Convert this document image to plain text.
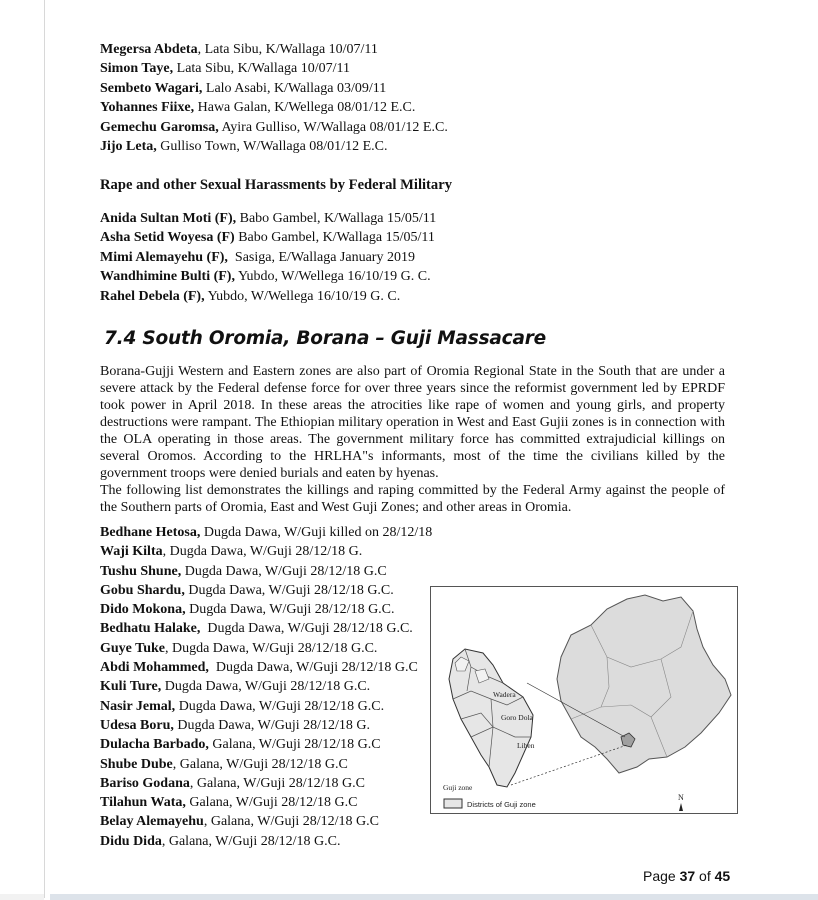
Megersa Abdeta, Lata Sibu, K/Wallaga 10/07/11
Simon Taye, Lata Sibu, K/Wallaga 10/07/11
Sembeto Wagari, Lalo Asabi, K/Wallaga 03/09/11
Yohannes Fiixe, Hawa Galan, K/Wellega 08/01/12 E.C.
Gemechu Garomsa, Ayira Gulliso, W/Wallaga 08/01/12 E.C.
Jijo Leta, Gulliso Town, W/Wallaga 08/01/12 E.C.
Rape and other Sexual Harassments by Federal Military
Anida Sultan Moti (F), Babo Gambel, K/Wallaga 15/05/11
Asha Setid Woyesa (F) Babo Gambel, K/Wallaga 15/05/11
Mimi Alemayehu (F),  Sasiga, E/Wallaga January 2019
Wandhimine Bulti (F), Yubdo, W/Wellega 16/10/19 G. C.
Rahel Debela (F), Yubdo, W/Wellega 16/10/19 G. C.
7.4 South Oromia, Borana – Guji Massacare

Borana-Gujji Western and Eastern zones are also part of Oromia Regional State in the South that are under a severe attack by the Federal defense force for over three years since the reformist government led by EPRDF took power in April 2018. In these areas the atrocities like rape of women and young girls, and property destructions were rampant. The Ethiopian military operation in West and East Gujii zones is in connection with the OLA operating in those areas. The government military force has committed extrajudicial killings on several Oromos. According to the HRLHA"s informants, most of the time the civilians killed by the government troops were denied burials and eaten by hyenas.

The following list demonstrates the killings and raping committed by the Federal Army against the people of the Southern parts of Oromia, East and West Guji Zones; and other areas in Oromia.

Bedhane Hetosa, Dugda Dawa, W/Guji killed on 28/12/18
Waji Kilta, Dugda Dawa, W/Guji 28/12/18 G.
Tushu Shune, Dugda Dawa, W/Guji 28/12/18 G.C
Gobu Shardu, Dugda Dawa, W/Guji 28/12/18 G.C.
Dido Mokona, Dugda Dawa, W/Guji 28/12/18 G.C.
Bedhatu Halake,  Dugda Dawa, W/Guji 28/12/18 G.C.
Guye Tuke, Dugda Dawa, W/Guji 28/12/18 G.C.
Abdi Mohammed,  Dugda Dawa, W/Guji 28/12/18 G.C
Kuli Ture, Dugda Dawa, W/Guji 28/12/18 G.C.
Nasir Jemal, Dugda Dawa, W/Guji 28/12/18 G.C.
Udesa Boru, Dugda Dawa, W/Guji 28/12/18 G.
Dulacha Barbado, Galana, W/Guji 28/12/18 G.C
Shube Dube, Galana, W/Guji 28/12/18 G.C
Bariso Godana, Galana, W/Guji 28/12/18 G.C
Tilahun Wata, Galana, W/Guji 28/12/18 G.C
Belay Alemayehu, Galana, W/Guji 28/12/18 G.C
Didu Dida, Galana, W/Guji 28/12/18 G.C.
Wadera
Goro Dola
Liben
Guji zone
Districts of Guji zone
N
Page 37 of 45
